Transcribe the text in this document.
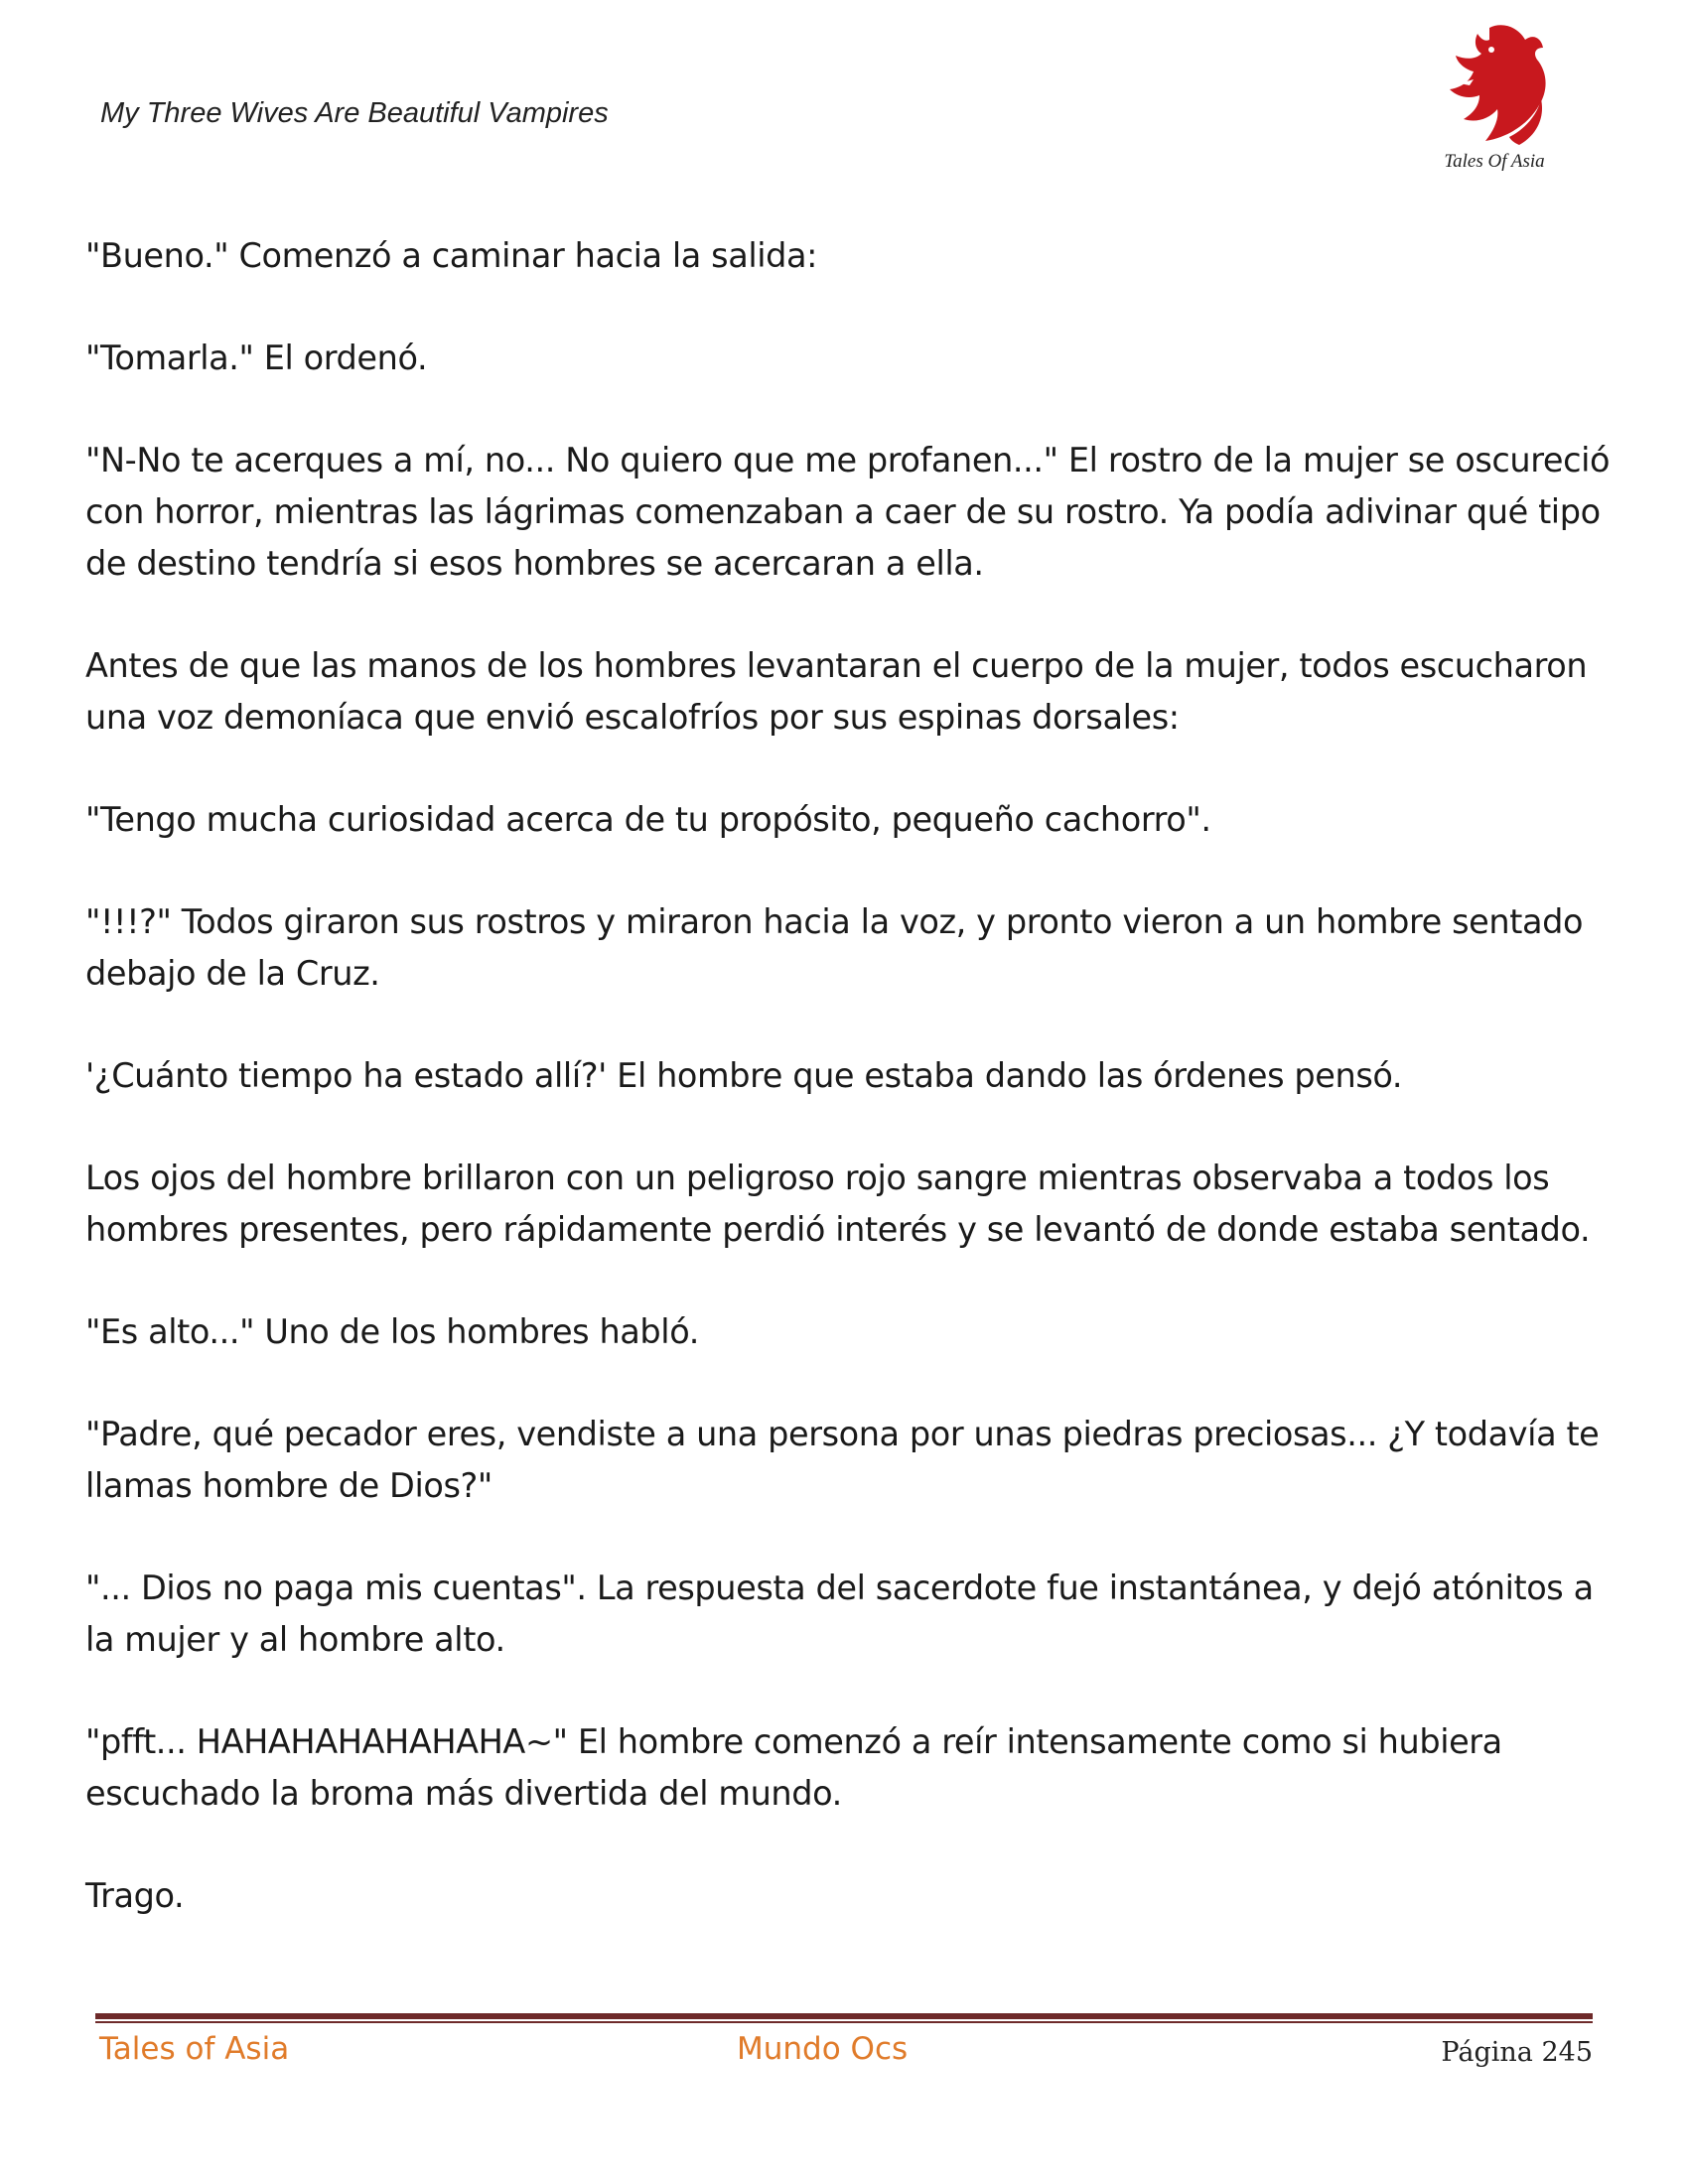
My Three Wives Are Beautiful Vampires
Tales Of Asia

"Bueno." Comenzó a caminar hacia la salida:

"Tomarla." El ordenó.

"N-No te acerques a mí, no... No quiero que me profanen..." El rostro de la mujer se oscureció con horror, mientras las lágrimas comenzaban a caer de su rostro. Ya podía adivinar qué tipo de destino tendría si esos hombres se acercaran a ella.

Antes de que las manos de los hombres levantaran el cuerpo de la mujer, todos escucharon una voz demoníaca que envió escalofríos por sus espinas dorsales:

"Tengo mucha curiosidad acerca de tu propósito, pequeño cachorro".

"!!!?" Todos giraron sus rostros y miraron hacia la voz, y pronto vieron a un hombre sentado debajo de la Cruz.

'¿Cuánto tiempo ha estado allí?' El hombre que estaba dando las órdenes pensó.

Los ojos del hombre brillaron con un peligroso rojo sangre mientras observaba a todos los hombres presentes, pero rápidamente perdió interés y se levantó de donde estaba sentado.

"Es alto..." Uno de los hombres habló.

"Padre, qué pecador eres, vendiste a una persona por unas piedras preciosas... ¿Y todavía te llamas hombre de Dios?"

"... Dios no paga mis cuentas". La respuesta del sacerdote fue instantánea, y dejó atónitos a la mujer y al hombre alto.

"pfft... HAHAHAHAHAHAHA~" El hombre comenzó a reír intensamente como si hubiera escuchado la broma más divertida del mundo.

Trago.

Tales of Asia	Mundo Ocs	Página 245
